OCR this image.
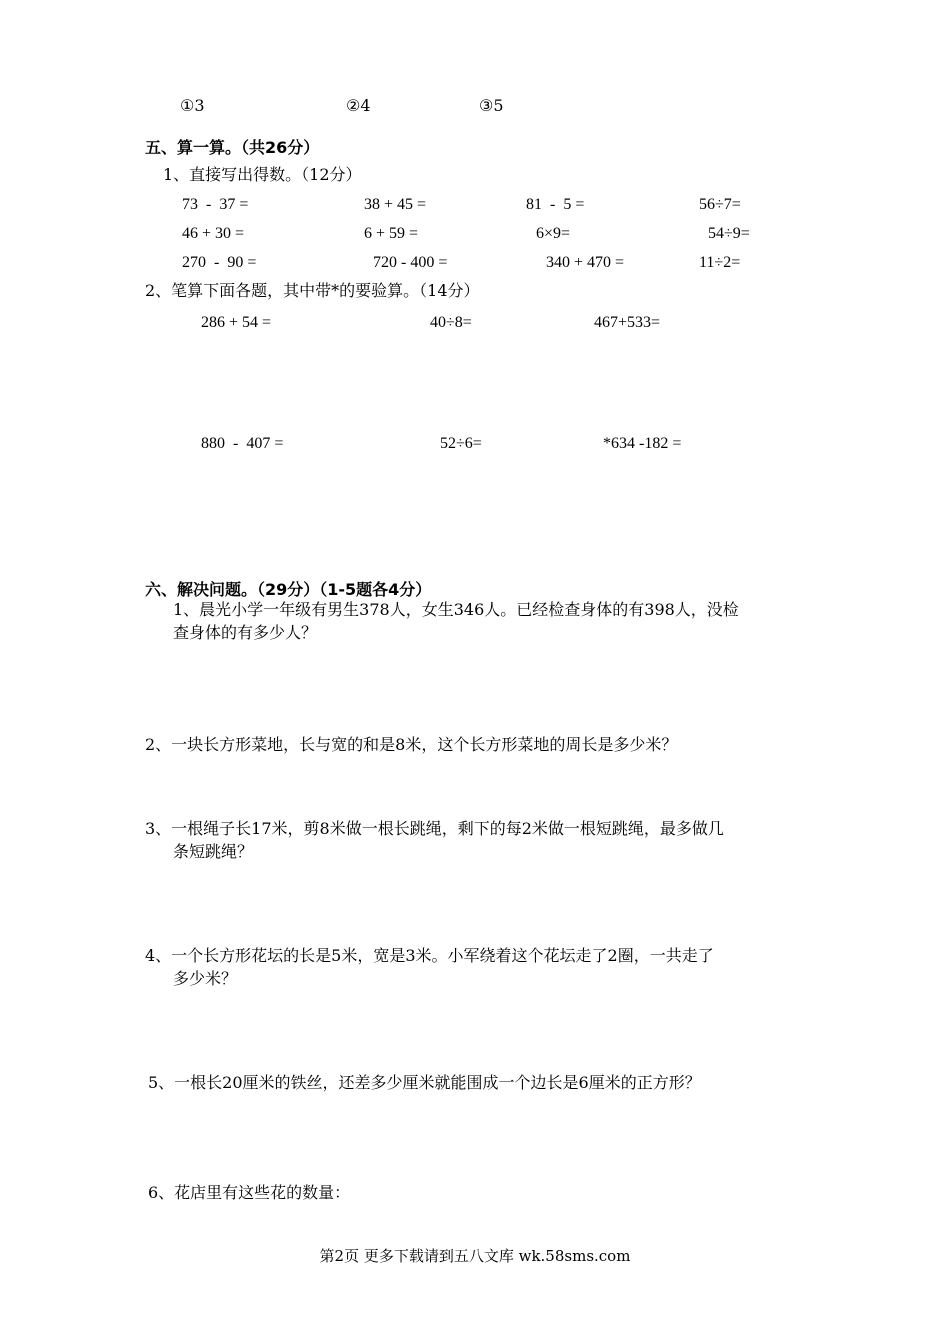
①3	②4	③5
五、算一算。（共26分）
1、直接写出得数。（12分）
73  -  37 =	38 + 45 =	81  -  5 =	56÷7=
46 + 30 =	6 + 59 =	6×9=	54÷9=
270  -  90 =	720 - 400 =	340 + 470 =	11÷2=
2、笔算下面各题，其中带*的要验算。（14分）
286 + 54 =	40÷8=	467+533=
880  -  407 =	52÷6=	*634 -182 =
六、解决问题。（29分）（1-5题各4分）
1、晨光小学一年级有男生378人，女生346人。已经检查身体的有398人，没检
查身体的有多少人？
2、一块长方形菜地，长与宽的和是8米，这个长方形菜地的周长是多少米？
3、一根绳子长17米，剪8米做一根长跳绳，剩下的每2米做一根短跳绳，最多做几
条短跳绳？
4、一个长方形花坛的长是5米，宽是3米。小军绕着这个花坛走了2圈，一共走了
多少米？
5、一根长20厘米的铁丝，还差多少厘米就能围成一个边长是6厘米的正方形？
6、花店里有这些花的数量：
第2页 更多下载请到五八文库 wk.58sms.com
